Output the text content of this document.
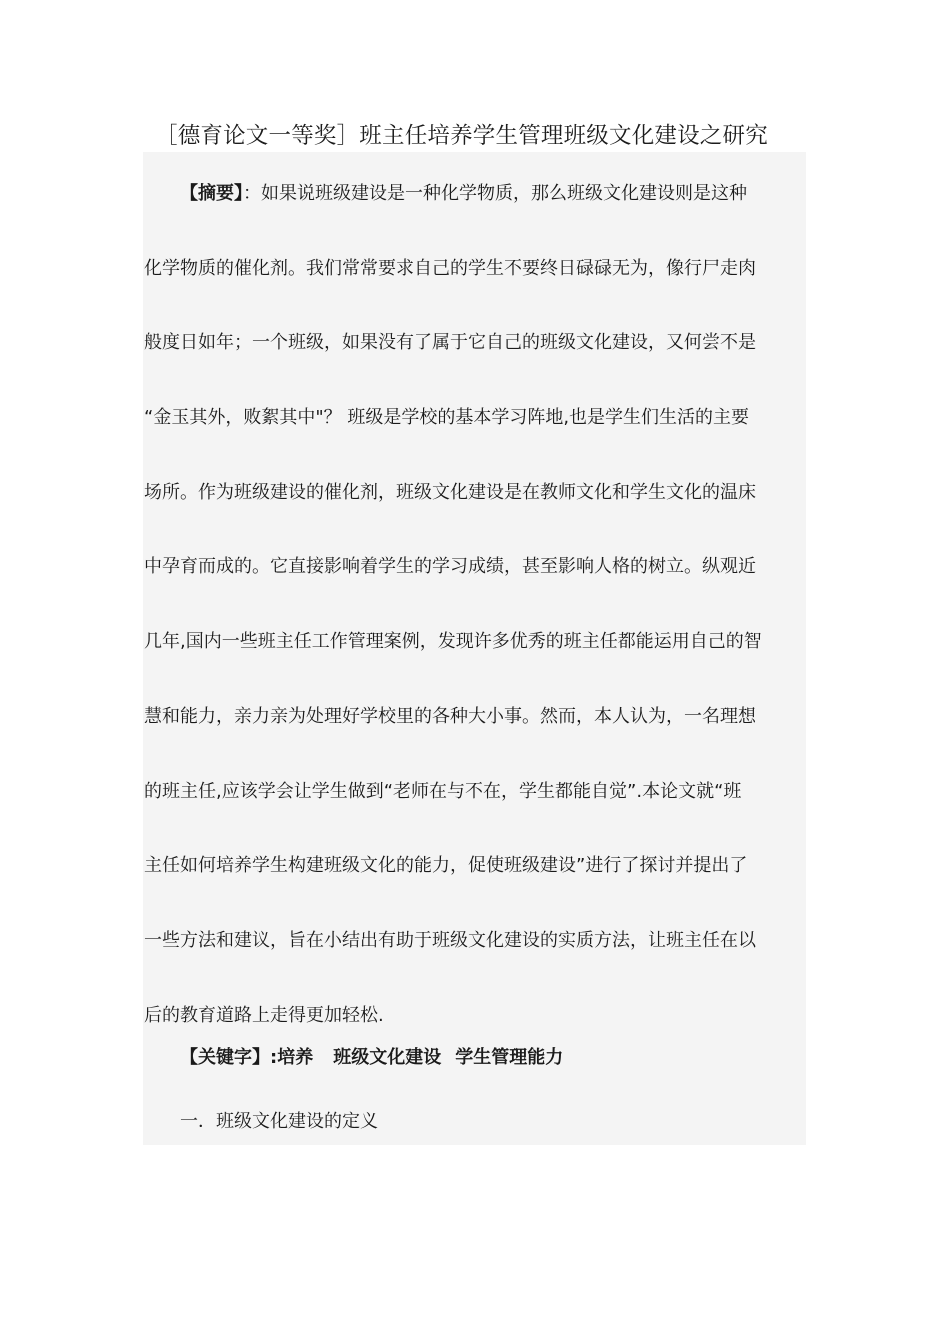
［德育论文一等奖］班主任培养学生管理班级文化建设之研究
【摘要】：如果说班级建设是一种化学物质，那么班级文化建设则是这种
化学物质的催化剂。我们常常要求自己的学生不要终日碌碌无为，像行尸走肉
般度日如年；一个班级，如果没有了属于它自己的班级文化建设，又何尝不是
“金玉其外，败絮其中"？ 班级是学校的基本学习阵地,也是学生们生活的主要
场所。作为班级建设的催化剂，班级文化建设是在教师文化和学生文化的温床
中孕育而成的。它直接影响着学生的学习成绩，甚至影响人格的树立。纵观近
几年,国内一些班主任工作管理案例，发现许多优秀的班主任都能运用自己的智
慧和能力，亲力亲为处理好学校里的各种大小事。然而，本人认为，一名理想
的班主任,应该学会让学生做到“老师在与不在，学生都能自觉”.本论文就“班
主任如何培养学生构建班级文化的能力，促使班级建设”进行了探讨并提出了
一些方法和建议，旨在小结出有助于班级文化建设的实质方法，让班主任在以
后的教育道路上走得更加轻松.
【关键字】:培养 班级文化建设 学生管理能力
一．班级文化建设的定义
